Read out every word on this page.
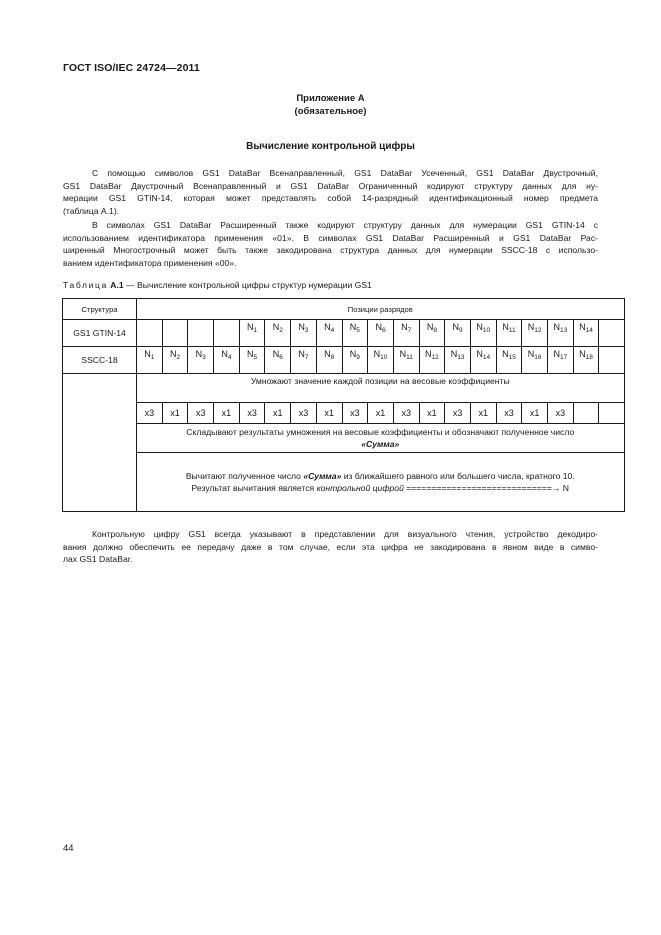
ГОСТ ISO/IEC 24724—2011
Приложение А
(обязательное)
Вычисление контрольной цифры
С помощью символов GS1 DataBar Всенаправленный, GS1 DataBar Усеченный, GS1 DataBar Двустрочный,
GS1 DataBar Двустрочный Всенаправленный и GS1 DataBar Ограниченный кодируют структуру данных для ну-
мерации GS1 GTIN-14, которая может представлять собой 14-разрядный идентификационный номер предмета
(таблица А.1).
В символах GS1 DataBar Расширенный также кодируют структуру данных для нумерации GS1 GTIN-14 с
использованием идентификатора применения «01». В символах GS1 DataBar Расширенный и GS1 DataBar Рас-
ширенный Многострочный может быть также закодирована структура данных для нумерации SSCC-18 с использо-
ванием идентификатора применения «00».
Таблица А.1 — Вычисление контрольной цифры структур нумерации GS1
Структура	Позиции разрядов																		
GS1 GTIN-14					$N_1$	$N_2$	$N_3$	$N_4$	$N_5$	$N_6$	$N_7$	$N_8$	$N_9$	$N_{10}$	$N_{11}$	$N_{12}$	$N_{13}$	$N_{14}$	
SSCC-18	$N_1$	$N_2$	$N_3$	$N_4$	$N_5$	$N_6$	$N_7$	$N_8$	$N_9$	$N_{10}$	$N_{11}$	$N_{12}$	$N_{13}$	$N_{14}$	$N_{15}$	$N_{16}$	$N_{17}$	$N_{18}$	
	Умножают значение каждой позиции на весовые коэффициенты																		
	x3	x1	x3	x1	x3	x1	x3	x1	x3	x1	x3	x1	x3	x1	x3	x1	x3		
	Складывают результаты умножения на весовые коэффициенты и обозначают полученное число
«Сумма»																		
	Вычитают полученное число «Сумма» из ближайшего равного или большего числа, кратного 10.
Результат вычитания является контрольной цифрой =============================→ N																		
Контрольную цифру GS1 всегда указывают в представлении для визуального чтения, устройство декодиро-
вания должно обеспечить ее передачу даже в том случае, если эта цифра не закодирована в явном виде в симво-
лах GS1 DataBar.
44
